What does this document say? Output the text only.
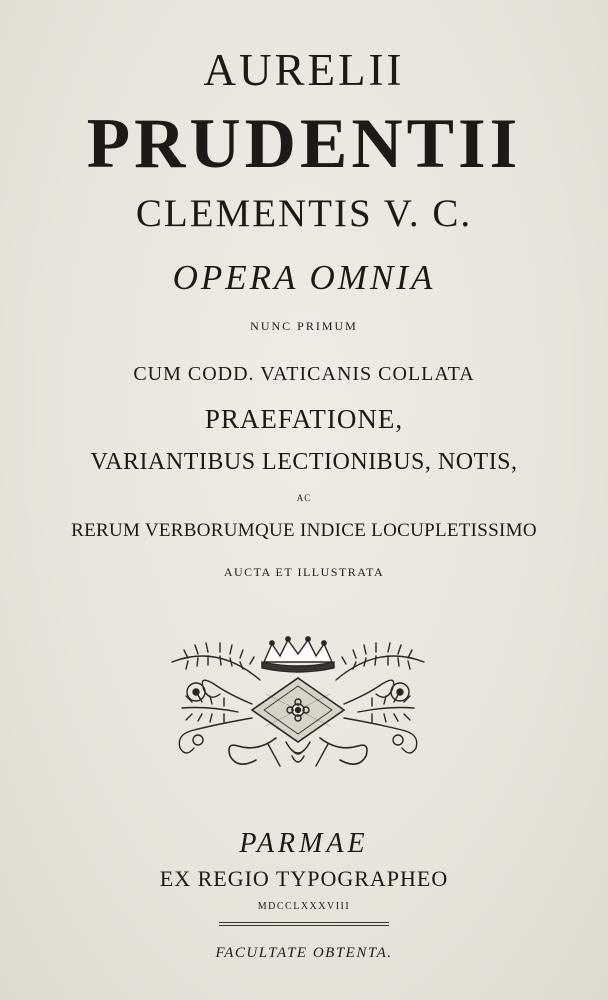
AURELII
PRUDENTII
CLEMENTIS V. C.
OPERA OMNIA
NUNC PRIMUM
CUM CODD. VATICANIS COLLATA
PRAEFATIONE,
VARIANTIBUS LECTIONIBUS, NOTIS,
AC
RERUM VERBORUMQUE INDICE LOCUPLETISSIMO
AUCTA ET ILLUSTRATA
PARMAE
EX REGIO TYPOGRAPHEO
MDCCLXXXVIII
FACULTATE OBTENTA.
